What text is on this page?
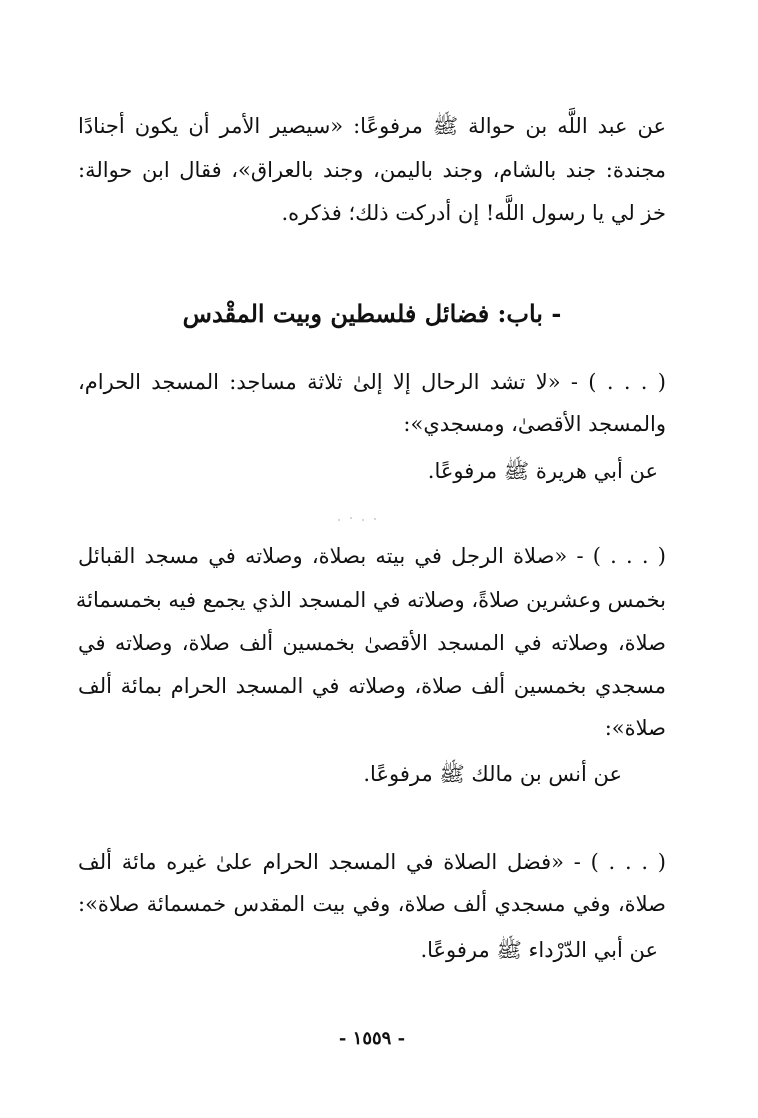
عن عبد اللَّه بن حوالة ﷺ مرفوعًا: «سيصير الأمر أن يكون أجنادًا
مجندة: جند بالشام، وجند باليمن، وجند بالعراق»، فقال ابن حوالة:
خز لي يا رسول اللَّه! إن أدركت ذلك؛ فذكره.
- باب: فضائل فلسطين وبيت المقْدس
( . . . ) - «لا تشد الرحال إلا إلىٰ ثلاثة مساجد: المسجد الحرام،
والمسجد الأقصىٰ، ومسجدي»:
عن أبي هريرة ﷺ مرفوعًا.
( . . . ) - «صلاة الرجل في بيته بصلاة، وصلاته في مسجد القبائل
بخمس وعشرين صلاةً، وصلاته في المسجد الذي يجمع فيه بخمسمائة
صلاة، وصلاته في المسجد الأقصىٰ بخمسين ألف صلاة، وصلاته في
مسجدي بخمسين ألف صلاة، وصلاته في المسجد الحرام بمائة ألف
صلاة»:
عن أنس بن مالك ﷺ مرفوعًا.
( . . . ) - «فضل الصلاة في المسجد الحرام علىٰ غيره مائة ألف
صلاة، وفي مسجدي ألف صلاة، وفي بيت المقدس خمسمائة صلاة»:
عن أبي الدّرْداء ﷺ مرفوعًا.
- ١٥٥٩ -
